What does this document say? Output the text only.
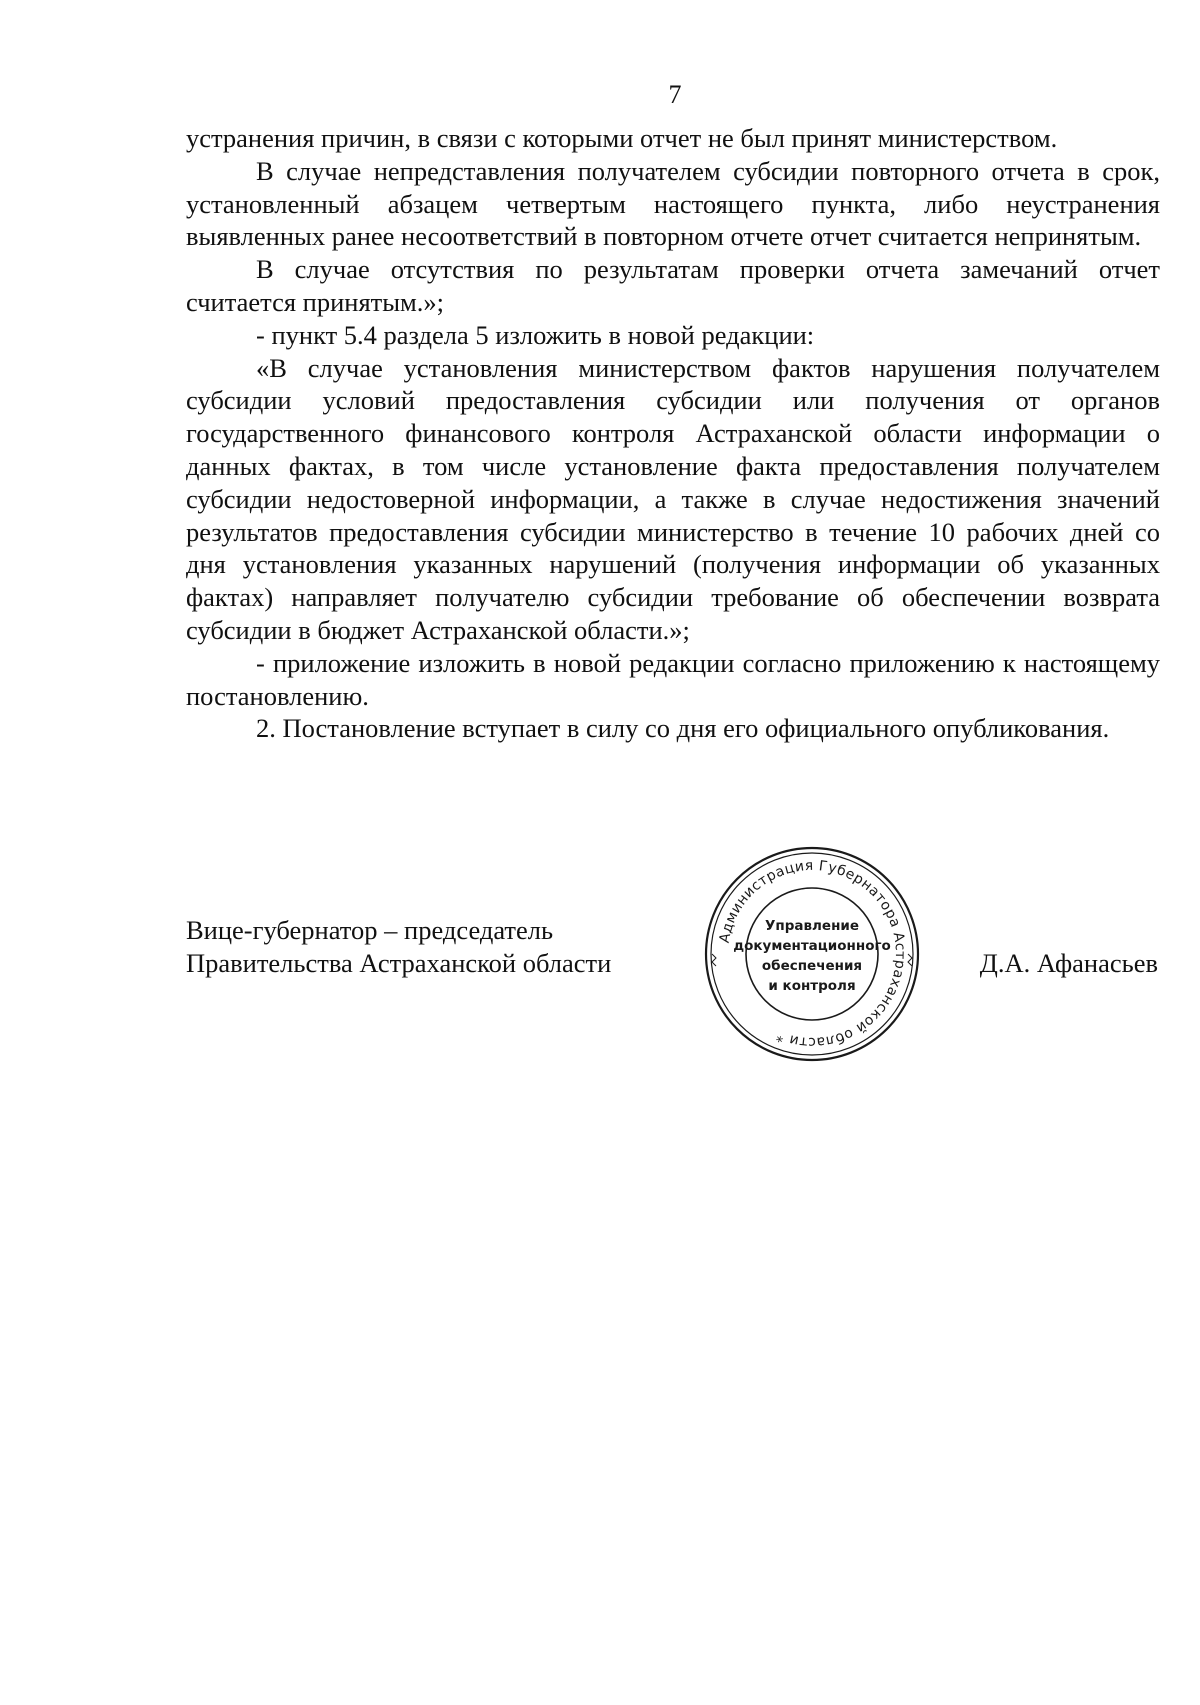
7

устранения причин, в связи с которыми отчет не был принят министерством.

В случае непредставления получателем субсидии повторного отчета в срок, установленный абзацем четвертым настоящего пункта, либо неустранения выявленных ранее несоответствий в повторном отчете отчет считается непринятым.

В случае отсутствия по результатам проверки отчета замечаний отчет считается принятым.»;

- пункт 5.4 раздела 5 изложить в новой редакции:

«В случае установления министерством фактов нарушения получателем субсидии условий предоставления субсидии или получения от органов государственного финансового контроля Астраханской области информации о данных фактах, в том числе установление факта предоставления получателем субсидии недостоверной информации, а также в случае недостижения значений результатов предоставления субсидии министерство в течение 10 рабочих дней со дня установления указанных нарушений (получения информации об указанных фактах) направляет получателю субсидии требование об обеспечении возврата субсидии в бюджет Астраханской области.»;

- приложение изложить в новой редакции согласно приложению к настоящему постановлению.

2. Постановление вступает в силу со дня его официального опубликования.

Вице-губернатор – председатель
Правительства Астраханской области	Д.А. Афанасьев
Администрация Губернатора Астраханской области *
Управление
документационного
обеспечения
и контроля
